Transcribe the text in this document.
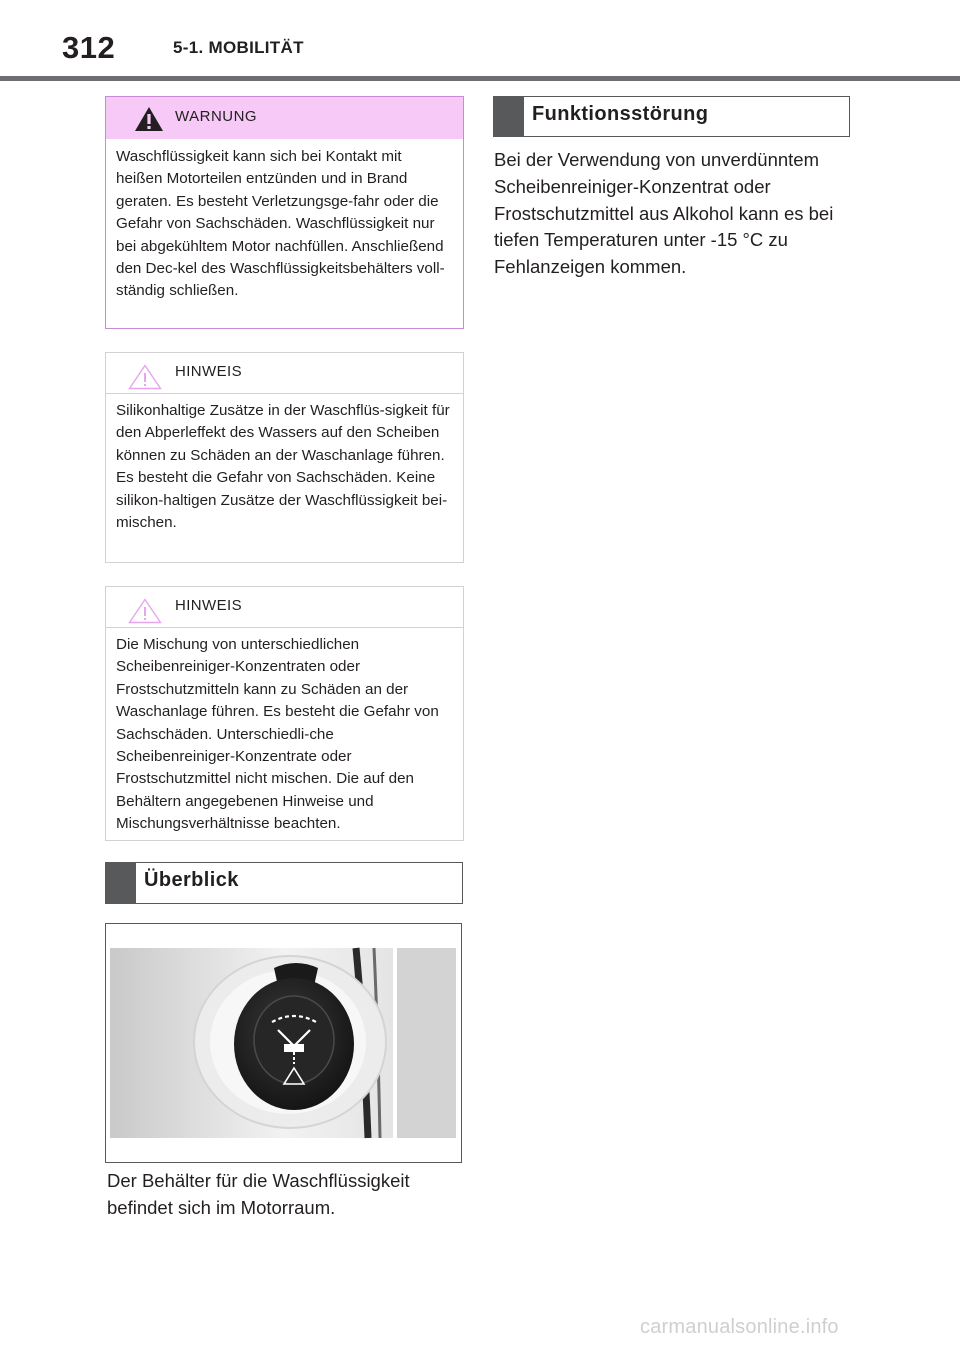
312	5-1. MOBILITÄT
WARNUNG
Waschflüssigkeit kann sich bei Kontakt mit heißen Motorteilen entzünden und in Brand geraten. Es besteht Verletzungsge-fahr oder die Gefahr von Sachschäden. Waschflüssigkeit nur bei abgekühltem Motor nachfüllen. Anschließend den Dec-kel des Waschflüssigkeitsbehälters voll-ständig schließen.
HINWEIS
Silikonhaltige Zusätze in der Waschflüs-sigkeit für den Abperleffekt des Wassers auf den Scheiben können zu Schäden an der Waschanlage führen. Es besteht die Gefahr von Sachschäden. Keine silikon-haltigen Zusätze der Waschflüssigkeit bei-mischen.
HINWEIS
Die Mischung von unterschiedlichen Scheibenreiniger-Konzentraten oder Frostschutzmitteln kann zu Schäden an der Waschanlage führen. Es besteht die Gefahr von Sachschäden. Unterschiedli-che Scheibenreiniger-Konzentrate oder Frostschutzmittel nicht mischen. Die auf den Behältern angegebenen Hinweise und Mischungsverhältnisse beachten.
Überblick
Der Behälter für die Waschflüssigkeit befindet sich im Motorraum.
Funktionsstörung
Bei der Verwendung von unverdünntem Scheibenreiniger-Konzentrat oder Frostschutzmittel aus Alkohol kann es bei tiefen Temperaturen unter -15 °C zu Fehlanzeigen kommen.
carmanualsonline.info
